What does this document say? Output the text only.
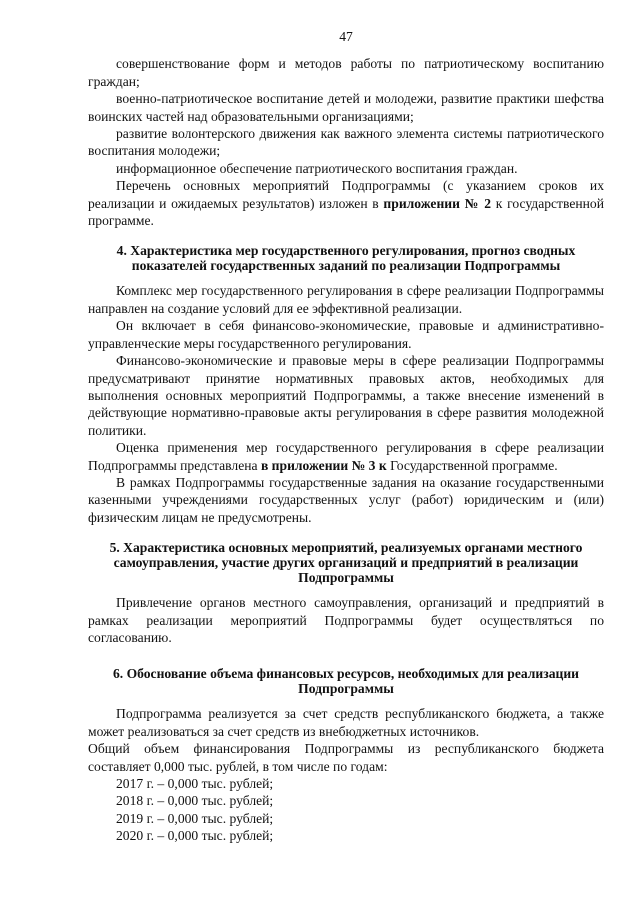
47

совершенствование форм и методов работы по патриотическому воспитанию граждан;

военно-патриотическое воспитание детей и молодежи, развитие практики шефства воинских частей над образовательными организациями;

развитие волонтерского движения как важного элемента системы патриотического воспитания молодежи;

информационное обеспечение патриотического воспитания граждан.

Перечень основных мероприятий Подпрограммы (с указанием сроков их реализации и ожидаемых результатов) изложен в приложении № 2 к государственной программе.

4. Характеристика мер государственного регулирования, прогноз сводных показателей государственных заданий по реализации Подпрограммы

Комплекс мер государственного регулирования в сфере реализации Подпрограммы направлен на создание условий для ее эффективной реализации.

Он включает в себя финансово-экономические, правовые и административно-управленческие меры государственного регулирования.

Финансово-экономические и правовые меры в сфере реализации Подпрограммы предусматривают принятие нормативных правовых актов, необходимых для выполнения основных мероприятий Подпрограммы, а также внесение изменений в действующие нормативно-правовые акты регулирования в сфере развития молодежной политики.

Оценка применения мер государственного регулирования в сфере реализации Подпрограммы представлена в приложении № 3 к Государственной программе.

В рамках Подпрограммы государственные задания на оказание государственными казенными учреждениями государственных услуг (работ) юридическим и (или) физическим лицам не предусмотрены.

5. Характеристика основных мероприятий, реализуемых органами местного самоуправления, участие других организаций и предприятий в реализации Подпрограммы

Привлечение органов местного самоуправления, организаций и предприятий в рамках реализации мероприятий Подпрограммы будет осуществляться по согласованию.

6. Обоснование объема финансовых ресурсов, необходимых для реализации Подпрограммы

Подпрограмма реализуется за счет средств республиканского бюджета, а также может реализоваться за счет средств из внебюджетных источников.

Общий объем финансирования Подпрограммы из республиканского бюджета составляет 0,000 тыс. рублей, в том числе по годам:

2017 г. – 0,000 тыс. рублей;

2018 г. – 0,000 тыс. рублей;

2019 г. – 0,000 тыс. рублей;

2020 г. – 0,000 тыс. рублей;
